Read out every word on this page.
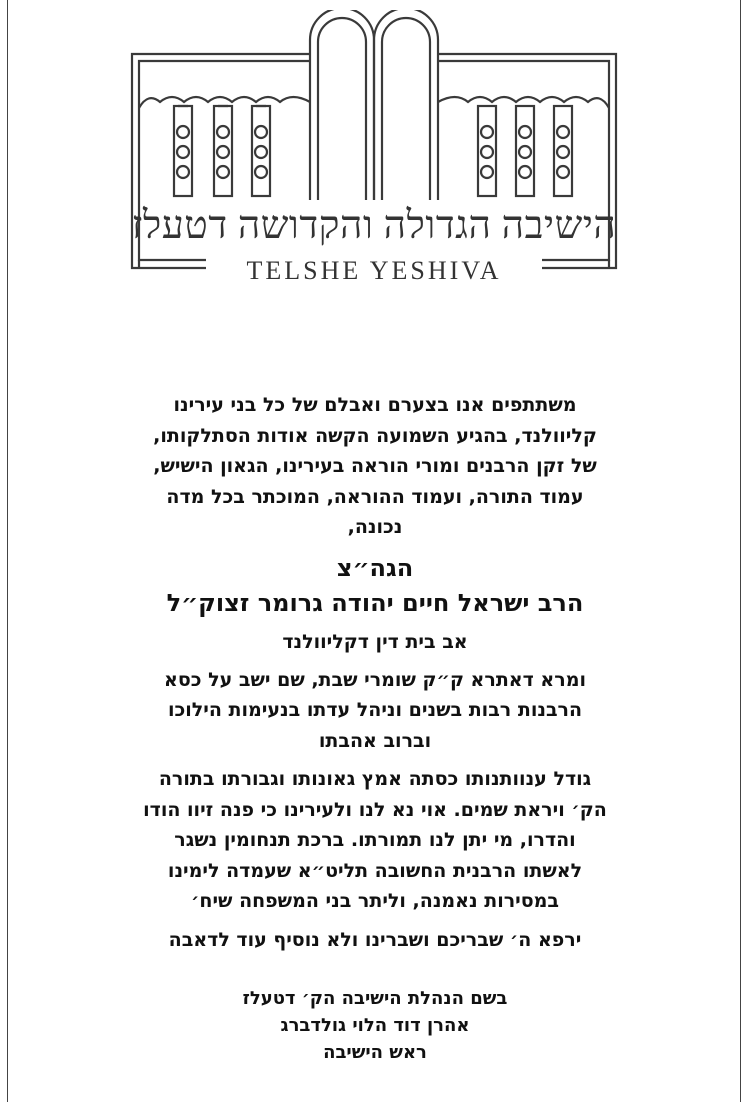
הישיבה הגדולה והקדושה דטעלז
TELSHE YESHIVA
משתתפים אנו בצערם ואבלם של כל בני עירינו
קליוולנד, בהגיע השמועה הקשה אודות הסתלקותו,
של זקן הרבנים ומורי הוראה בעירינו, הגאון הישיש,
עמוד התורה, ועמוד ההוראה, המוכתר בכל מדה
נכונה,
הגה״צ
הרב ישראל חיים יהודה גרומר זצוק״ל
אב בית דין דקליוולנד
ומרא דאתרא ק״ק שומרי שבת, שם ישב על כסא
הרבנות רבות בשנים וניהל עדתו בנעימות הילוכו
וברוב אהבתו
גודל ענוותנותו כסתה אמץ גאונותו וגבורתו בתורה
הק׳ ויראת שמים. אוי נא לנו ולעירינו כי פנה זיוו הודו
והדרו, מי יתן לנו תמורתו. ברכת תנחומין נשגר
לאשתו הרבנית החשובה תליט״א שעמדה לימינו
במסירות נאמנה, וליתר בני המשפחה שיח׳
ירפא ה׳ שבריכם ושברינו ולא נוסיף עוד לדאבה
בשם הנהלת הישיבה הק׳ דטעלז
אהרן דוד הלוי גולדברג
ראש הישיבה
